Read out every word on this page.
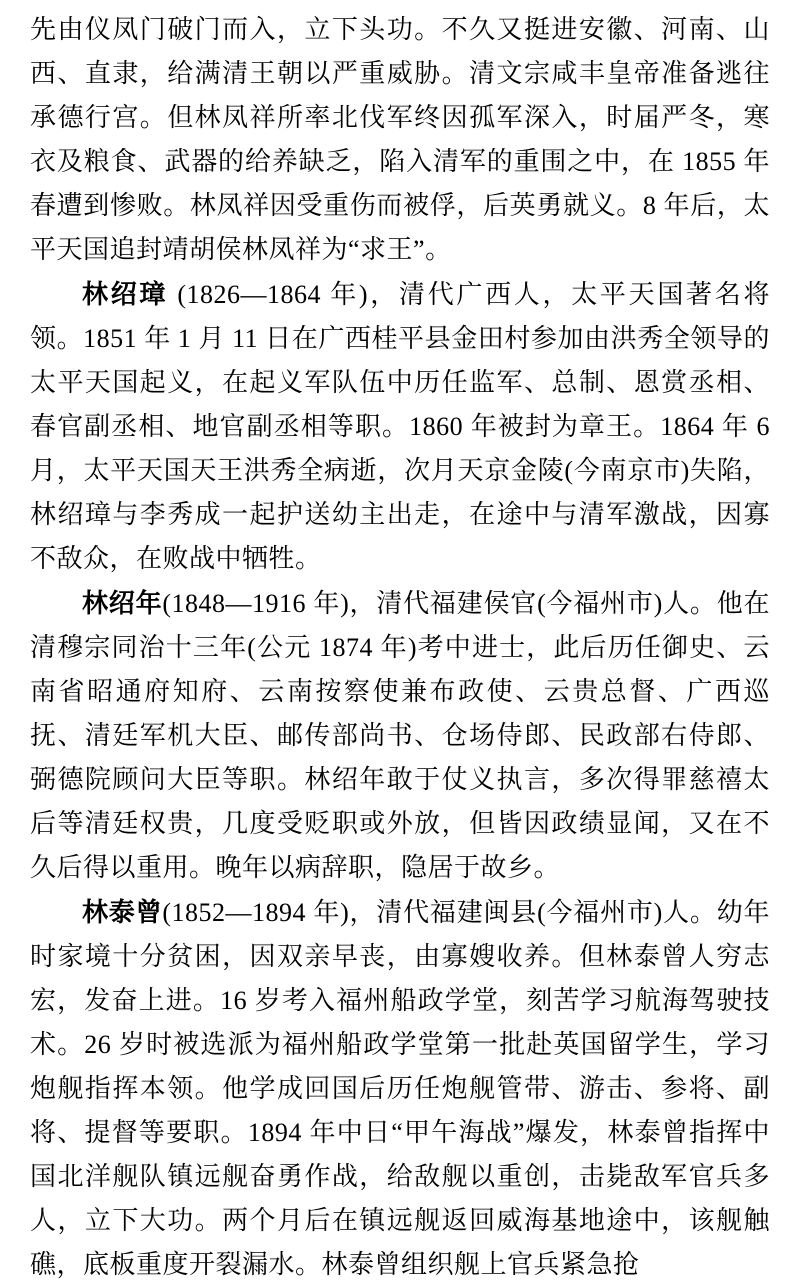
先由仪凤门破门而入，立下头功。不久又挺进安徽、河南、山西、直隶，给满清王朝以严重威胁。清文宗咸丰皇帝准备逃往承德行宫。但林凤祥所率北伐军终因孤军深入，时届严冬，寒衣及粮食、武器的给养缺乏，陷入清军的重围之中，在 1855 年春遭到惨败。林凤祥因受重伤而被俘，后英勇就义。8 年后，太平天国追封靖胡侯林凤祥为“求王”。

林绍璋 (1826—1864 年)，清代广西人，太平天国著名将领。1851 年 1 月 11 日在广西桂平县金田村参加由洪秀全领导的太平天国起义，在起义军队伍中历任监军、总制、恩赏丞相、春官副丞相、地官副丞相等职。1860 年被封为章王。1864 年 6 月，太平天国天王洪秀全病逝，次月天京金陵(今南京市)失陷，林绍璋与李秀成一起护送幼主出走，在途中与清军激战，因寡不敌众，在败战中牺牲。

林绍年(1848—1916 年)，清代福建侯官(今福州市)人。他在清穆宗同治十三年(公元 1874 年)考中进士，此后历任御史、云南省昭通府知府、云南按察使兼布政使、云贵总督、广西巡抚、清廷军机大臣、邮传部尚书、仓场侍郎、民政部右侍郎、弼德院顾问大臣等职。林绍年敢于仗义执言，多次得罪慈禧太后等清廷权贵，几度受贬职或外放，但皆因政绩显闻，又在不久后得以重用。晚年以病辞职，隐居于故乡。

林泰曾(1852—1894 年)，清代福建闽县(今福州市)人。幼年时家境十分贫困，因双亲早丧，由寡嫂收养。但林泰曾人穷志宏，发奋上进。16 岁考入福州船政学堂，刻苦学习航海驾驶技术。26 岁时被选派为福州船政学堂第一批赴英国留学生，学习炮舰指挥本领。他学成回国后历任炮舰管带、游击、参将、副将、提督等要职。1894 年中日“甲午海战”爆发，林泰曾指挥中国北洋舰队镇远舰奋勇作战，给敌舰以重创，击毙敌军官兵多人，立下大功。两个月后在镇远舰返回威海基地途中，该舰触礁，底板重度开裂漏水。林泰曾组织舰上官兵紧急抢
